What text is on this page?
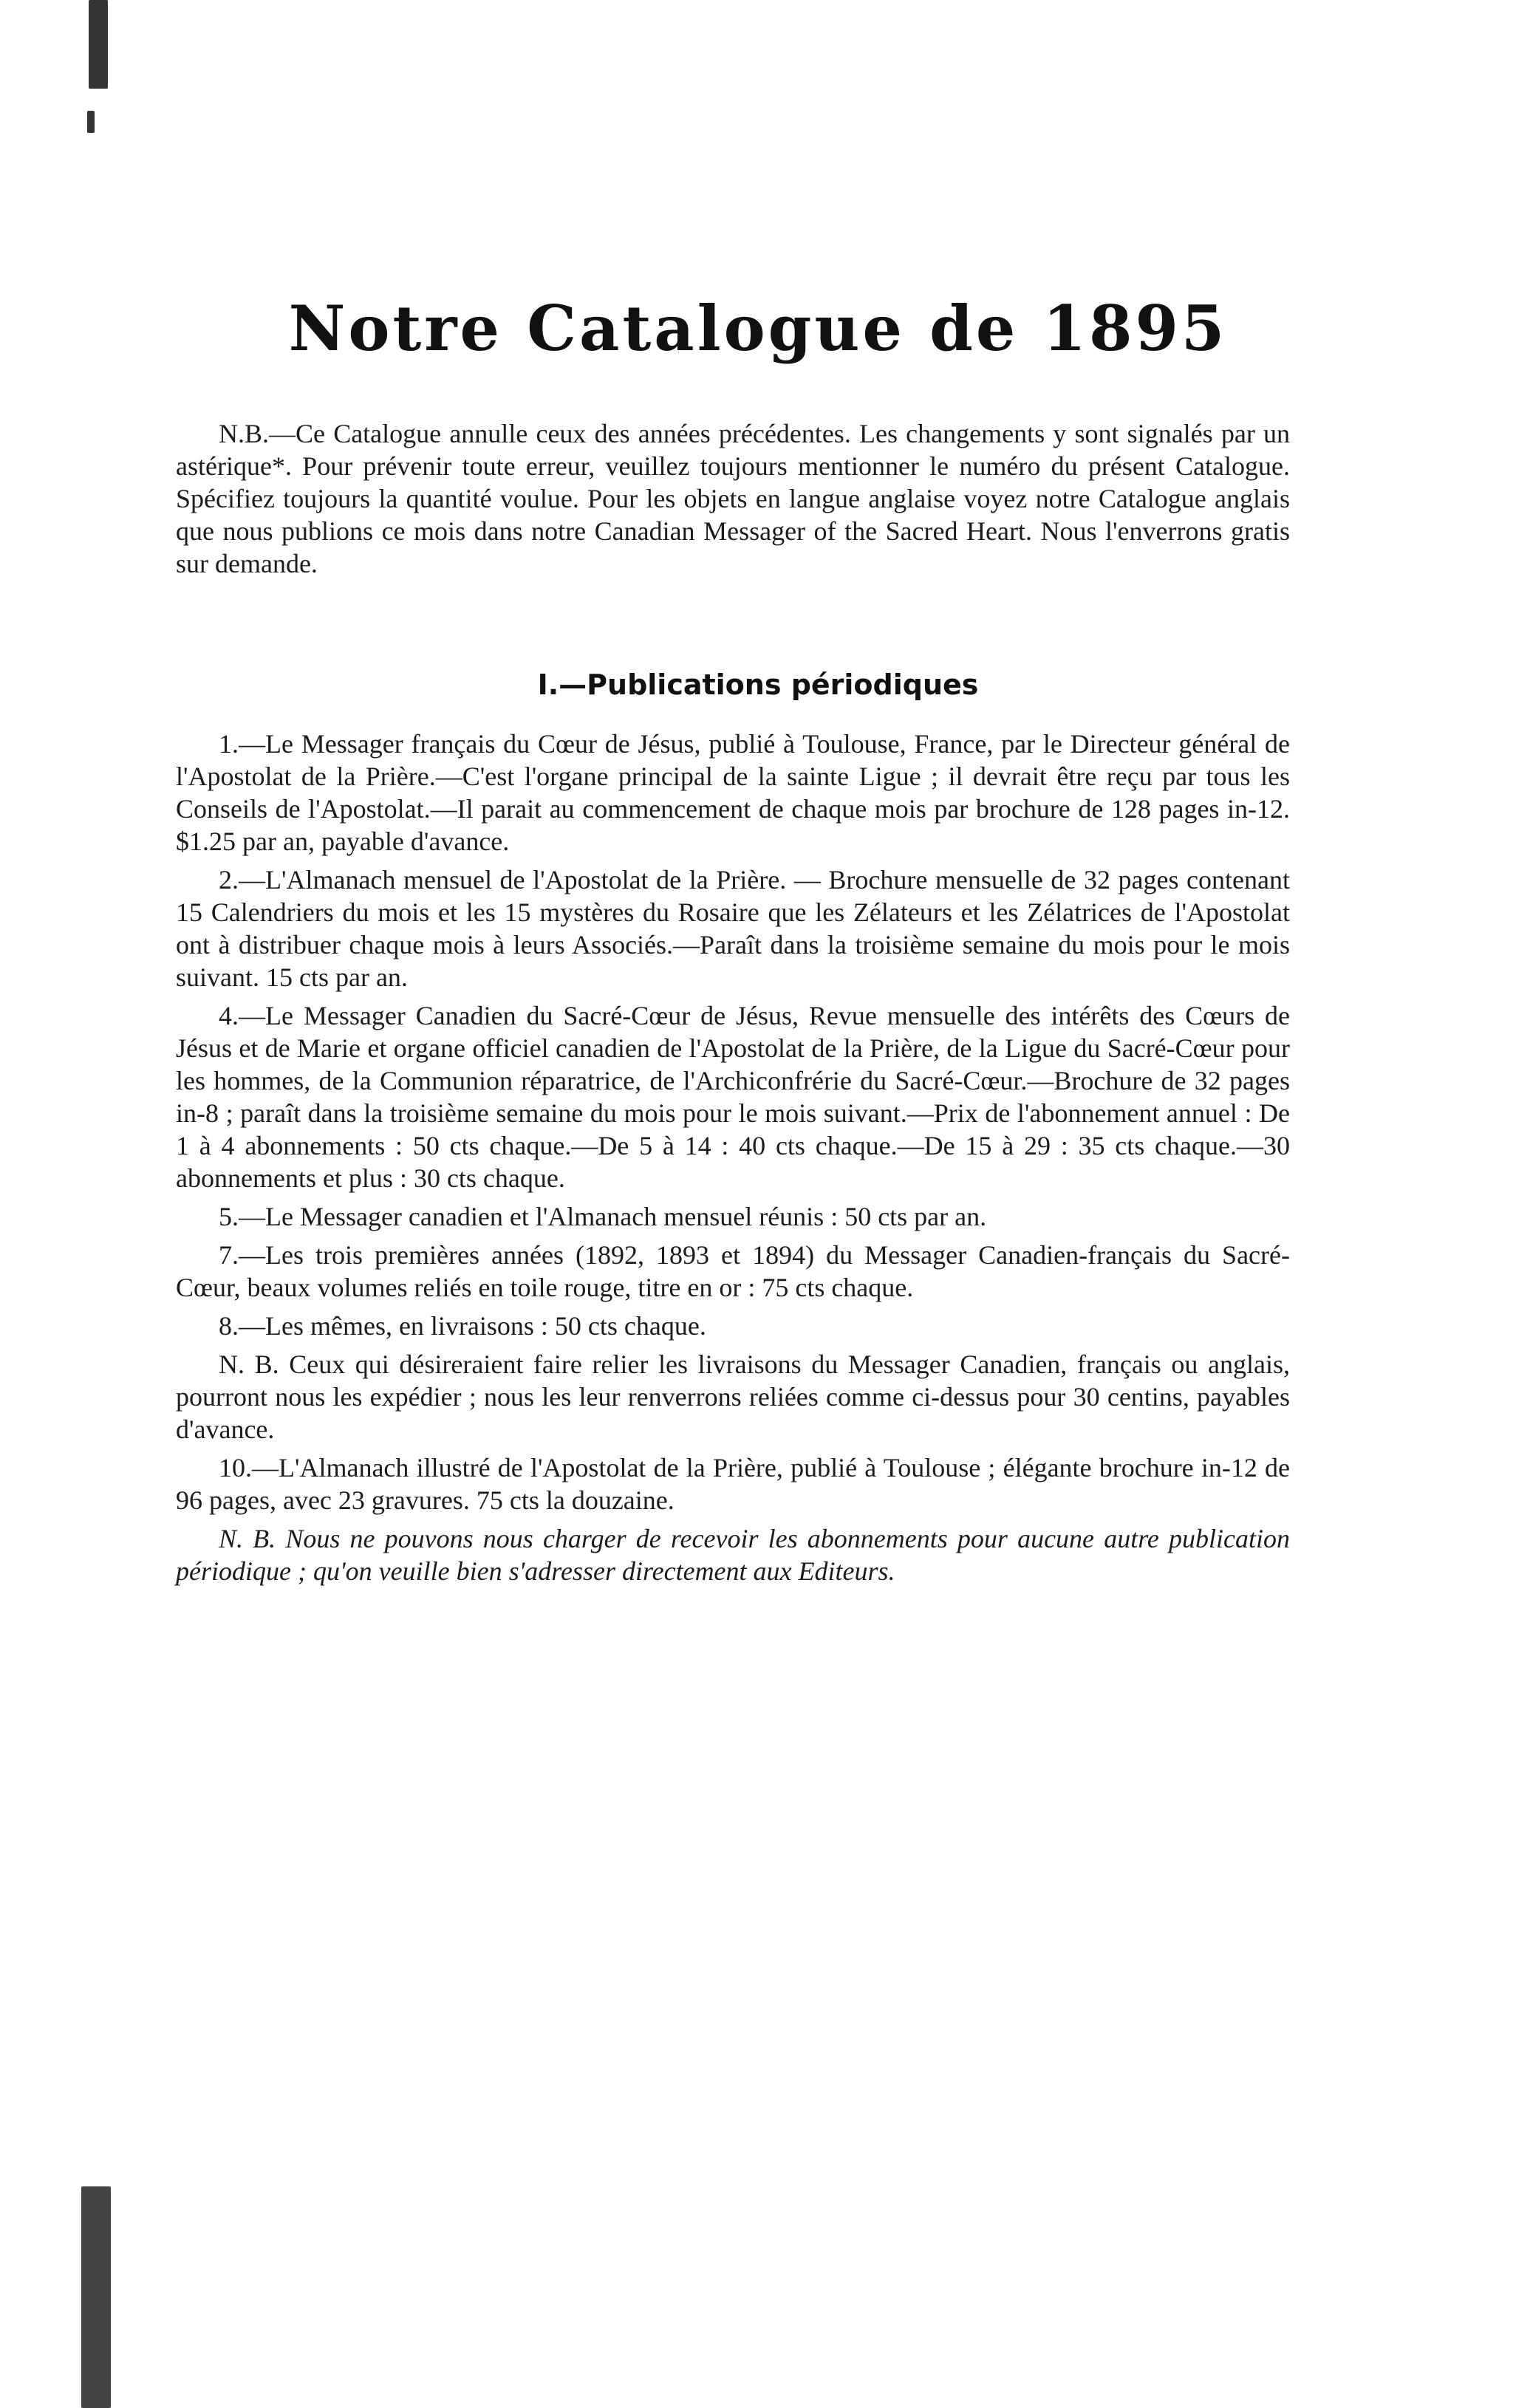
Notre Catalogue de 1895

N.B.—Ce Catalogue annulle ceux des années précédentes. Les changements y sont signalés par un astérique*. Pour prévenir toute erreur, veuillez toujours mentionner le numéro du présent Catalogue. Spécifiez toujours la quantité voulue. Pour les objets en langue anglaise voyez notre Catalogue anglais que nous publions ce mois dans notre Canadian Messager of the Sacred Heart. Nous l'enverrons gratis sur demande.

I.—Publications périodiques

1.—Le Messager français du Cœur de Jésus, publié à Toulouse, France, par le Directeur général de l'Apostolat de la Prière.—C'est l'organe principal de la sainte Ligue ; il devrait être reçu par tous les Conseils de l'Apostolat.—Il parait au commencement de chaque mois par brochure de 128 pages in-12. $1.25 par an, payable d'avance.

2.—L'Almanach mensuel de l'Apostolat de la Prière. — Brochure mensuelle de 32 pages contenant 15 Calendriers du mois et les 15 mystères du Rosaire que les Zélateurs et les Zélatrices de l'Apostolat ont à distribuer chaque mois à leurs Associés.—Paraît dans la troisième semaine du mois pour le mois suivant. 15 cts par an.

4.—Le Messager Canadien du Sacré-Cœur de Jésus, Revue mensuelle des intérêts des Cœurs de Jésus et de Marie et organe officiel canadien de l'Apostolat de la Prière, de la Ligue du Sacré-Cœur pour les hommes, de la Communion réparatrice, de l'Archiconfrérie du Sacré-Cœur.—Brochure de 32 pages in-8 ; paraît dans la troisième semaine du mois pour le mois suivant.—Prix de l'abonnement annuel : De 1 à 4 abonnements : 50 cts chaque.—De 5 à 14 : 40 cts chaque.—De 15 à 29 : 35 cts chaque.—30 abonnements et plus : 30 cts chaque.

5.—Le Messager canadien et l'Almanach mensuel réunis : 50 cts par an.

7.—Les trois premières années (1892, 1893 et 1894) du Messager Canadien-français du Sacré-Cœur, beaux volumes reliés en toile rouge, titre en or : 75 cts chaque.

8.—Les mêmes, en livraisons : 50 cts chaque.

N. B. Ceux qui désireraient faire relier les livraisons du Messager Canadien, français ou anglais, pourront nous les expédier ; nous les leur renverrons reliées comme ci-dessus pour 30 centins, payables d'avance.

10.—L'Almanach illustré de l'Apostolat de la Prière, publié à Toulouse ; élégante brochure in-12 de 96 pages, avec 23 gravures. 75 cts la douzaine.

N. B. Nous ne pouvons nous charger de recevoir les abonnements pour aucune autre publication périodique ; qu'on veuille bien s'adresser directement aux Editeurs.
